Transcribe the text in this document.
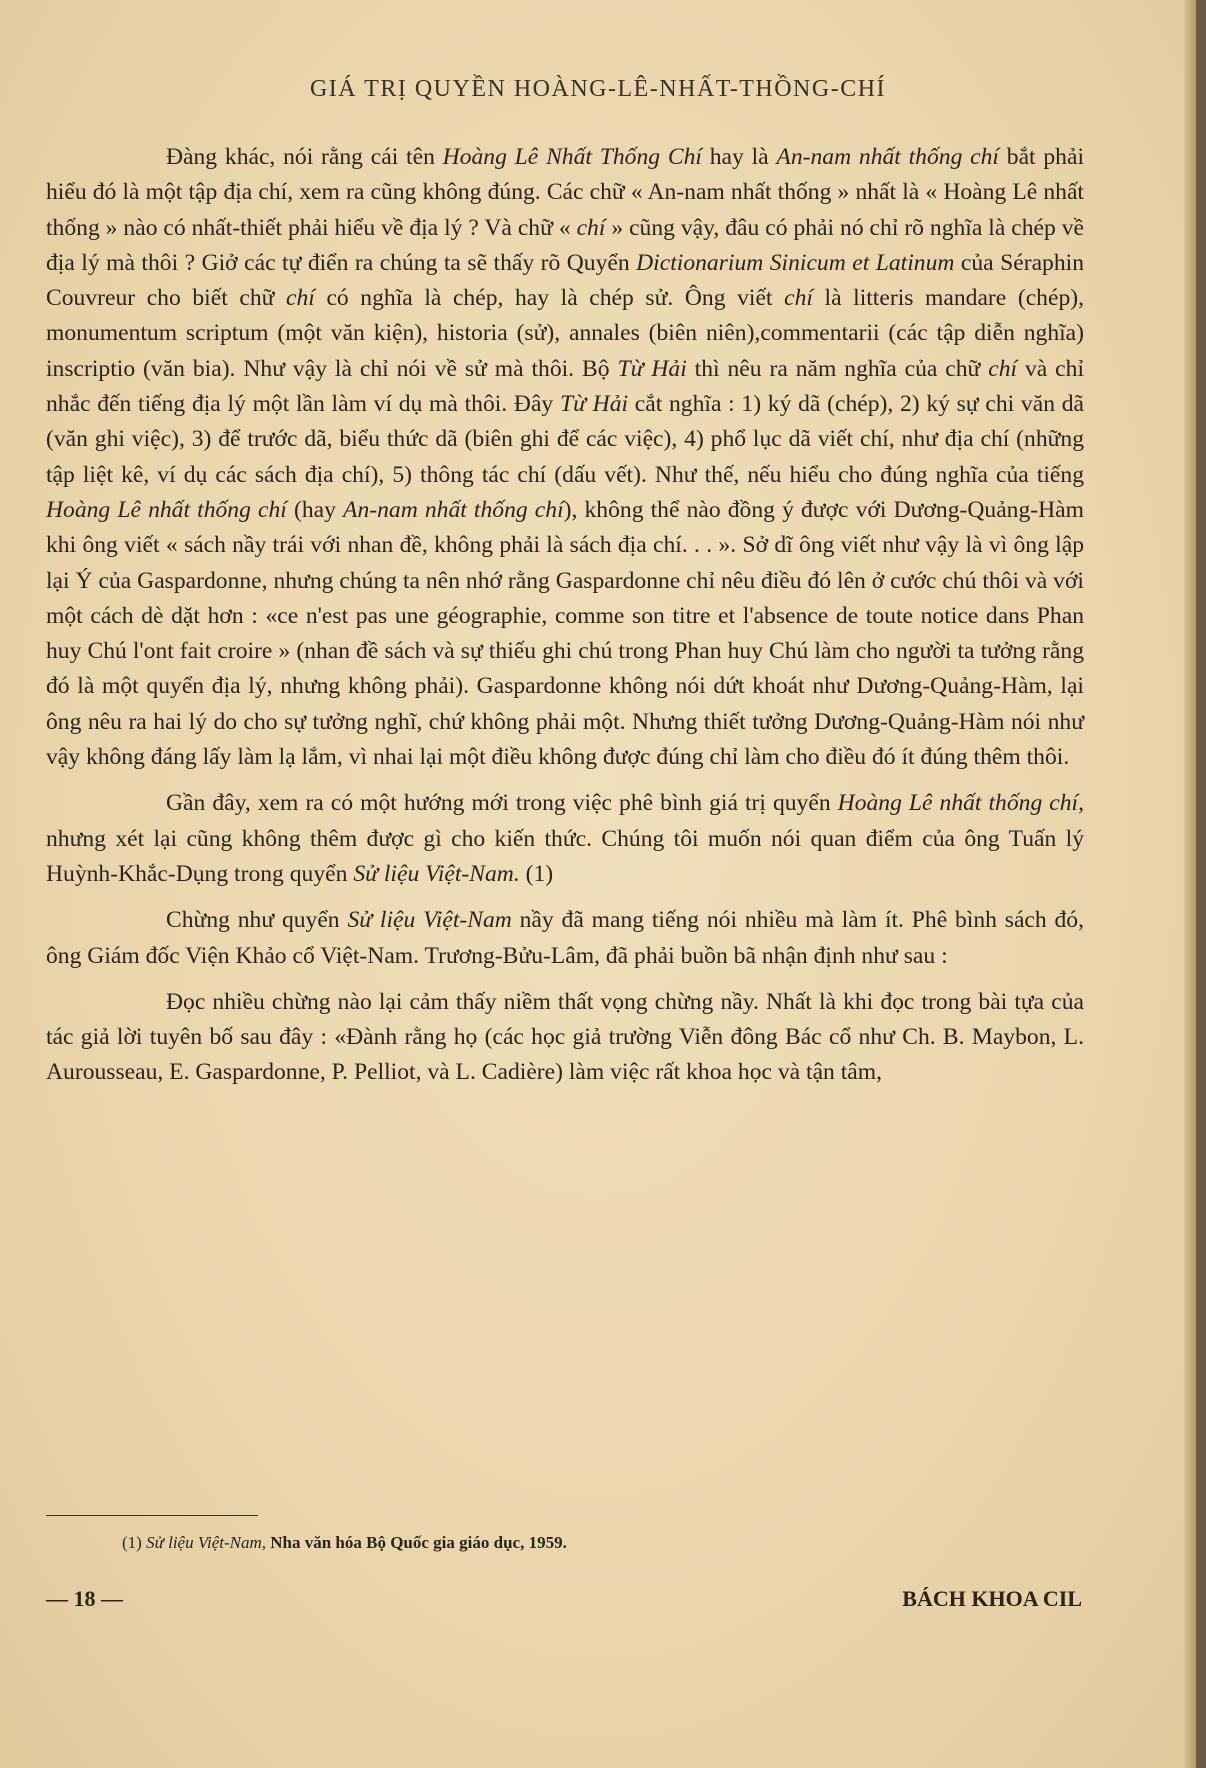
GIÁ TRỊ QUYỀN HOÀNG-LÊ-NHẤT-THỒNG-CHÍ

Đàng khác, nói rằng cái tên Hoàng Lê Nhất Thống Chí hay là An-nam nhất thống chí bắt phải hiểu đó là một tập địa chí, xem ra cũng không đúng. Các chữ « An-nam nhất thống » nhất là « Hoàng Lê nhất thống » nào có nhất-thiết phải hiểu về địa lý ? Và chữ « chí » cũng vậy, đâu có phải nó chỉ rõ nghĩa là chép về địa lý mà thôi ? Giở các tự điển ra chúng ta sẽ thấy rõ Quyển Dictionarium Sinicum et Latinum của Séraphin Couvreur cho biết chữ chí có nghĩa là chép, hay là chép sử. Ông viết chí là litteris mandare (chép), monumentum scriptum (một văn kiện), historia (sử), annales (biên niên),commentarii (các tập diễn nghĩa) inscriptio (văn bia). Như vậy là chỉ nói về sử mà thôi. Bộ Từ Hải thì nêu ra năm nghĩa của chữ chí và chỉ nhắc đến tiếng địa lý một lần làm ví dụ mà thôi. Đây Từ Hải cắt nghĩa : 1) ký dã (chép), 2) ký sự chi văn dã (văn ghi việc), 3) để trước dã, biểu thức dã (biên ghi để các việc), 4) phổ lục dã viết chí, như địa chí (những tập liệt kê, ví dụ các sách địa chí), 5) thông tác chí (dấu vết). Như thế, nếu hiểu cho đúng nghĩa của tiếng Hoàng Lê nhất thống chí (hay An-nam nhất thống chí), không thể nào đồng ý được với Dương-Quảng-Hàm khi ông viết « sách nầy trái với nhan đề, không phải là sách địa chí. . . ». Sở dĩ ông viết như vậy là vì ông lập lại Ý của Gaspardonne, nhưng chúng ta nên nhớ rằng Gaspardonne chỉ nêu điều đó lên ở cước chú thôi và với một cách dè dặt hơn : «ce n'est pas une géographie, comme son titre et l'absence de toute notice dans Phan huy Chú l'ont fait croire » (nhan đề sách và sự thiếu ghi chú trong Phan huy Chú làm cho người ta tưởng rằng đó là một quyển địa lý, nhưng không phải). Gaspardonne không nói dứt khoát như Dương-Quảng-Hàm, lại ông nêu ra hai lý do cho sự tưởng nghĩ, chứ không phải một. Nhưng thiết tưởng Dương-Quảng-Hàm nói như vậy không đáng lấy làm lạ lắm, vì nhai lại một điều không được đúng chỉ làm cho điều đó ít đúng thêm thôi.

Gần đây, xem ra có một hướng mới trong việc phê bình giá trị quyển Hoàng Lê nhất thống chí, nhưng xét lại cũng không thêm được gì cho kiến thức. Chúng tôi muốn nói quan điểm của ông Tuấn lý Huỳnh-Khắc-Dụng trong quyển Sử liệu Việt-Nam. (1)

Chừng như quyển Sử liệu Việt-Nam nầy đã mang tiếng nói nhiều mà làm ít. Phê bình sách đó, ông Giám đốc Viện Khảo cổ Việt-Nam. Trương-Bửu-Lâm, đã phải buồn bã nhận định như sau :

Đọc nhiều chừng nào lại cảm thấy niềm thất vọng chừng nầy. Nhất là khi đọc trong bài tựa của tác giả lời tuyên bố sau đây : «Đành rằng họ (các học giả trường Viễn đông Bác cổ như Ch. B. Maybon, L. Aurousseau, E. Gaspardonne, P. Pelliot, và L. Cadière) làm việc rất khoa học và tận tâm,

(1) Sử liệu Việt-Nam, Nha văn hóa Bộ Quốc gia giáo dục, 1959.
— 18 —	BÁCH KHOA CIL
